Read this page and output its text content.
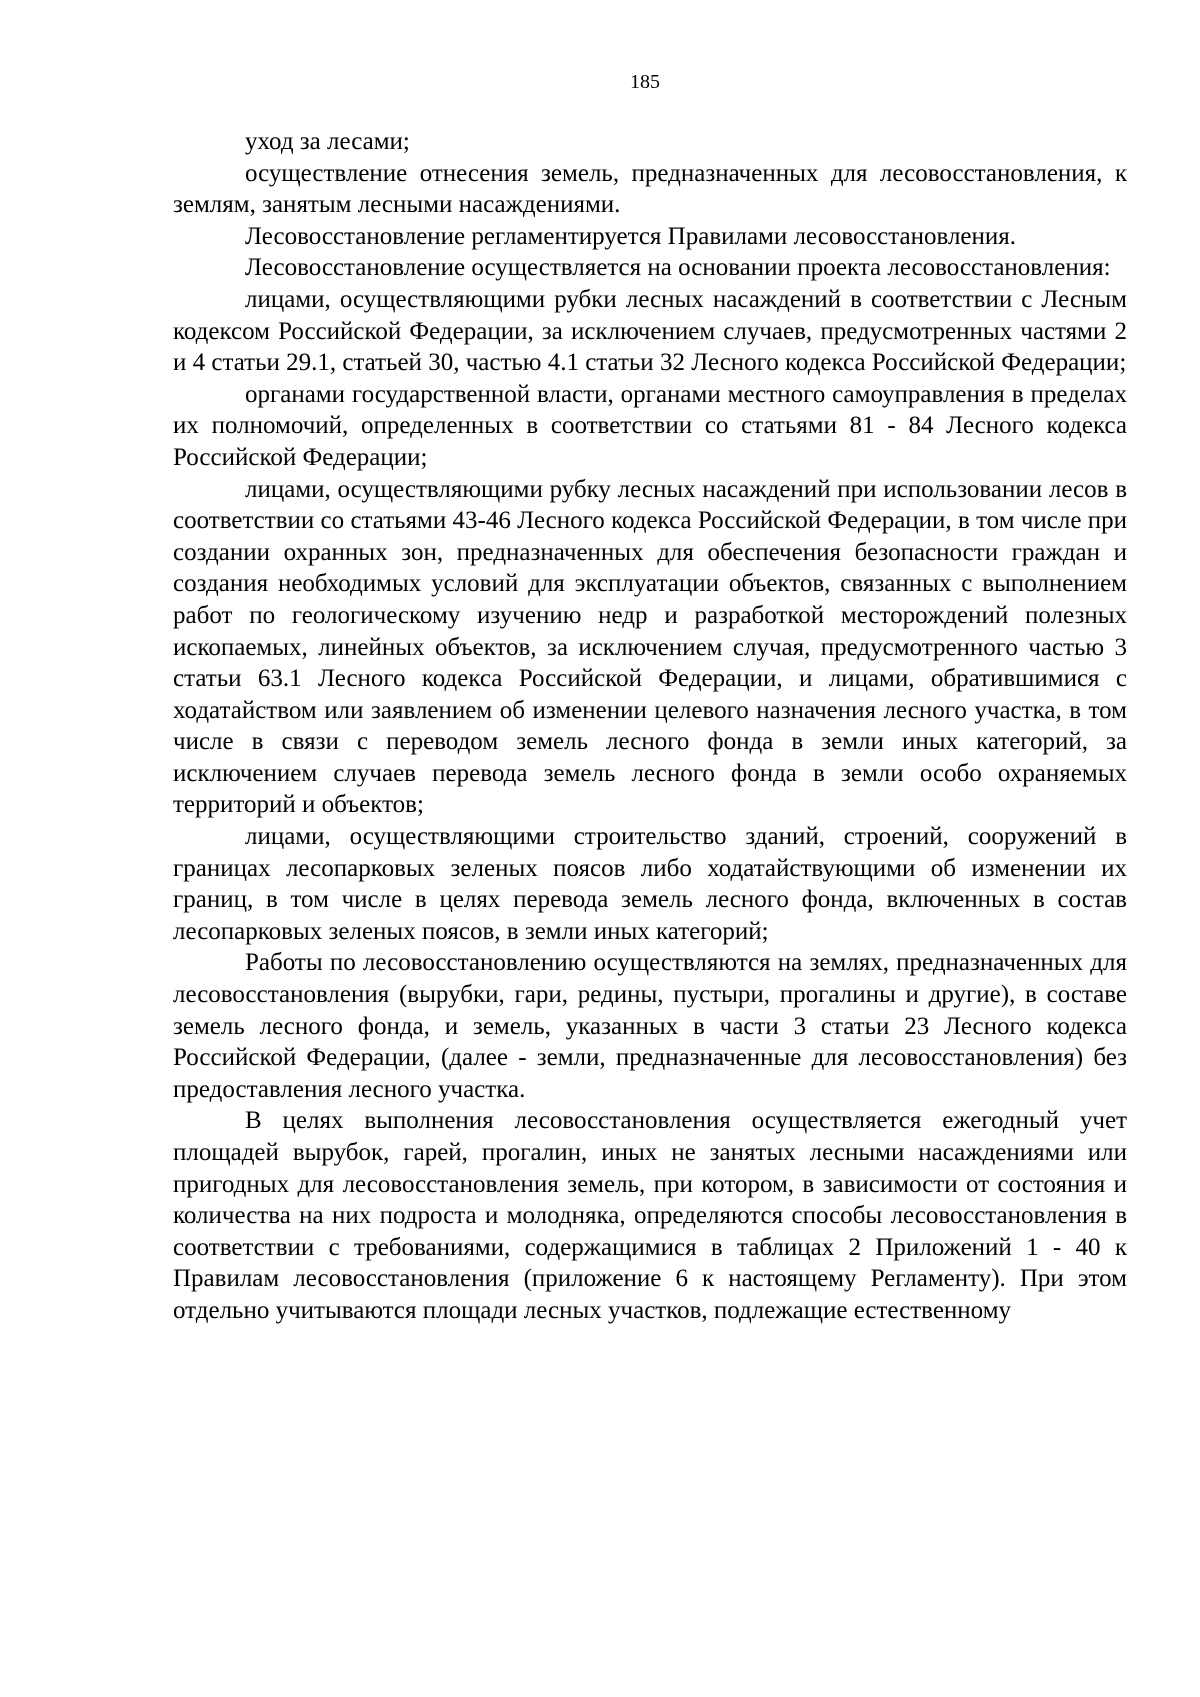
185

уход за лесами;

осуществление отнесения земель, предназначенных для лесовосстановления, к землям, занятым лесными насаждениями.

Лесовосстановление регламентируется Правилами лесовосстановления.

Лесовосстановление осуществляется на основании проекта лесовосстановления:

лицами, осуществляющими рубки лесных насаждений в соответствии с Лесным кодексом Российской Федерации, за исключением случаев, предусмотренных частями 2 и 4 статьи 29.1, статьей 30, частью 4.1 статьи 32 Лесного кодекса Российской Федерации;

органами государственной власти, органами местного самоуправления в пределах их полномочий, определенных в соответствии со статьями 81 - 84 Лесного кодекса Российской Федерации;

лицами, осуществляющими рубку лесных насаждений при использовании лесов в соответствии со статьями 43-46 Лесного кодекса Российской Федерации, в том числе при создании охранных зон, предназначенных для обеспечения безопасности граждан и создания необходимых условий для эксплуатации объектов, связанных с выполнением работ по геологическому изучению недр и разработкой месторождений полезных ископаемых, линейных объектов, за исключением случая, предусмотренного частью 3 статьи 63.1 Лесного кодекса Российской Федерации, и лицами, обратившимися с ходатайством или заявлением об изменении целевого назначения лесного участка, в том числе в связи с переводом земель лесного фонда в земли иных категорий, за исключением случаев перевода земель лесного фонда в земли особо охраняемых территорий и объектов;

лицами, осуществляющими строительство зданий, строений, сооружений в границах лесопарковых зеленых поясов либо ходатайствующими об изменении их границ, в том числе в целях перевода земель лесного фонда, включенных в состав лесопарковых зеленых поясов, в земли иных категорий;

Работы по лесовосстановлению осуществляются на землях, предназначенных для лесовосстановления (вырубки, гари, редины, пустыри, прогалины и другие), в составе земель лесного фонда, и земель, указанных в части 3 статьи 23 Лесного кодекса Российской Федерации, (далее - земли, предназначенные для лесовосстановления) без предоставления лесного участка.

В целях выполнения лесовосстановления осуществляется ежегодный учет площадей вырубок, гарей, прогалин, иных не занятых лесными насаждениями или пригодных для лесовосстановления земель, при котором, в зависимости от состояния и количества на них подроста и молодняка, определяются способы лесовосстановления в соответствии с требованиями, содержащимися в таблицах 2 Приложений 1 - 40 к Правилам лесовосстановления (приложение 6 к настоящему Регламенту). При этом отдельно учитываются площади лесных участков, подлежащие естественному
